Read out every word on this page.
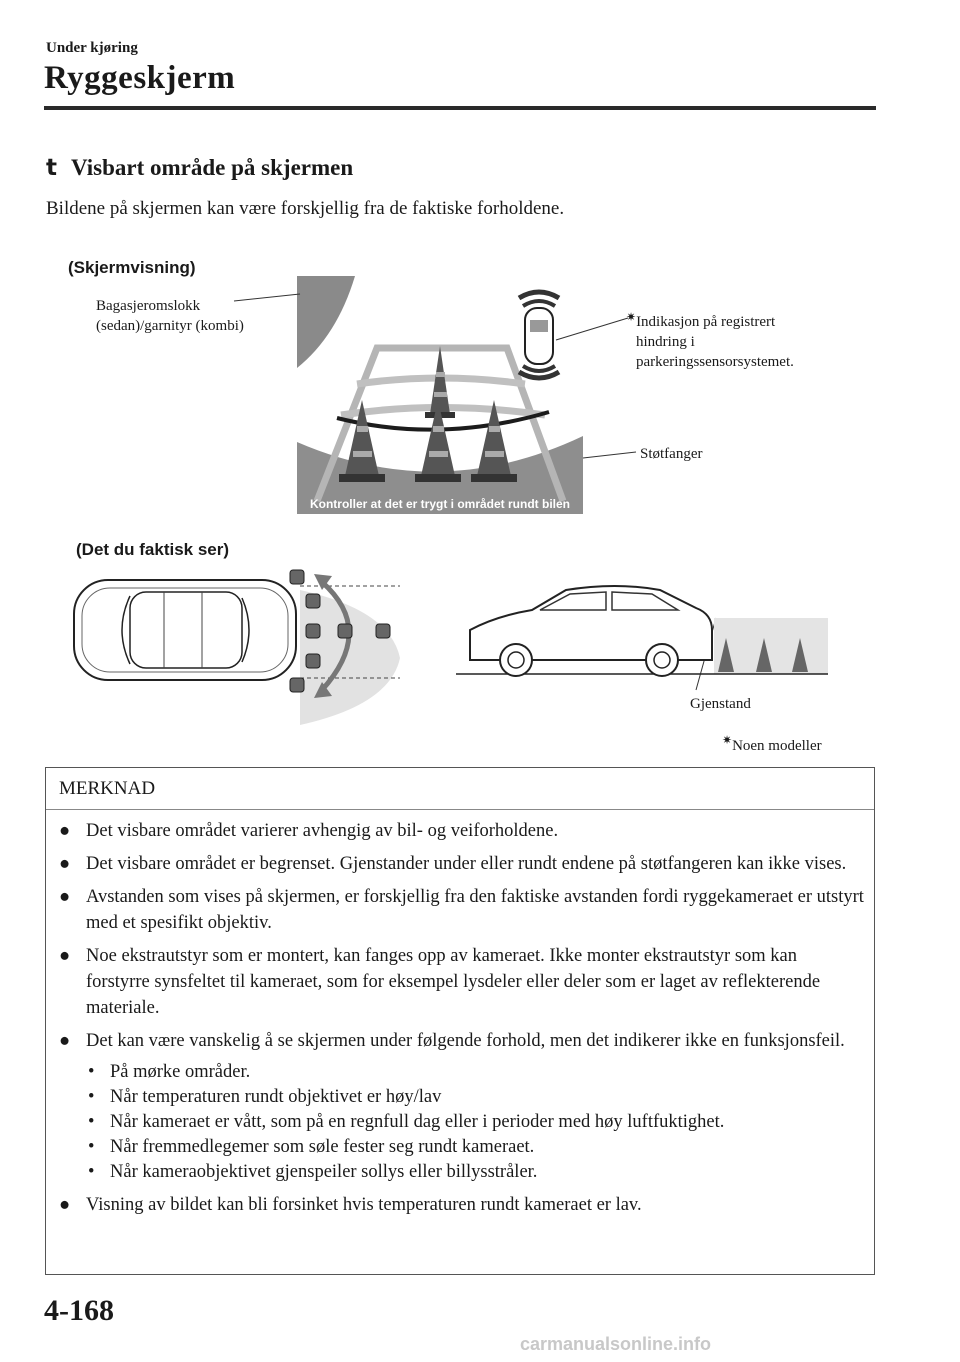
Under kjøring
Ryggeskjerm
t Visbart område på skjermen
Bildene på skjermen kan være forskjellig fra de faktiske forholdene.
(Skjermvisning)
Kontroller at det er trygt i området rundt bilen
Bagasjeromslokk
(sedan)/garnityr (kombi)
✷Indikasjon på registrert
hindring i
parkeringssensorsystemet.
Støtfanger
(Det du faktisk ser)
Gjenstand
✷Noen modeller
MERKNAD
● Det visbare området varierer avhengig av bil- og veiforholdene.
● Det visbare området er begrenset. Gjenstander under eller rundt endene på støtfangeren kan ikke vises.
● Avstanden som vises på skjermen, er forskjellig fra den faktiske avstanden fordi ryggekameraet er utstyrt med et spesifikt objektiv.
● Noe ekstrautstyr som er montert, kan fanges opp av kameraet. Ikke monter ekstrautstyr som kan forstyrre synsfeltet til kameraet, som for eksempel lysdeler eller deler som er laget av reflekterende materiale.
● Det kan være vanskelig å se skjermen under følgende forhold, men det indikerer ikke en funksjonsfeil.
• På mørke områder.
• Når temperaturen rundt objektivet er høy/lav
• Når kameraet er vått, som på en regnfull dag eller i perioder med høy luftfuktighet.
• Når fremmedlegemer som søle fester seg rundt kameraet.
• Når kameraobjektivet gjenspeiler sollys eller billysstråler.
● Visning av bildet kan bli forsinket hvis temperaturen rundt kameraet er lav.
4-168
carmanualsonline.info
